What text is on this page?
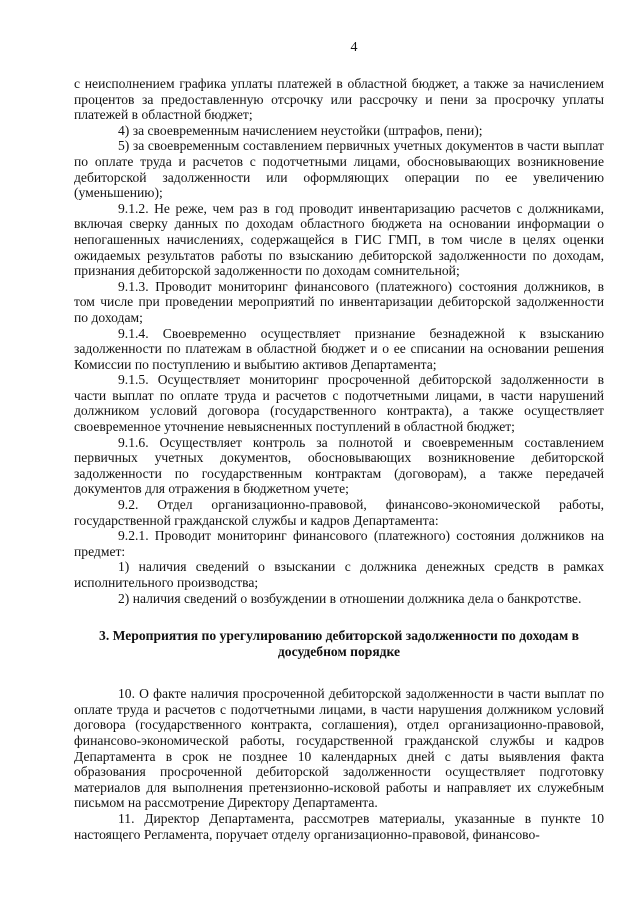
4

с неисполнением графика уплаты платежей в областной бюджет, а также за начислением процентов за предоставленную отсрочку или рассрочку и пени за просрочку уплаты платежей в областной бюджет;

4) за своевременным начислением неустойки (штрафов, пени);

5) за своевременным составлением первичных учетных документов в части выплат по оплате труда и расчетов с подотчетными лицами, обосновывающих возникновение дебиторской задолженности или оформляющих операции по ее увеличению (уменьшению);

9.1.2. Не реже, чем раз в год проводит инвентаризацию расчетов с должниками, включая сверку данных по доходам областного бюджета на основании информации о непогашенных начислениях, содержащейся в ГИС ГМП, в том числе в целях оценки ожидаемых результатов работы по взысканию дебиторской задолженности по доходам, признания дебиторской задолженности по доходам сомнительной;

9.1.3. Проводит мониторинг финансового (платежного) состояния должников, в том числе при проведении мероприятий по инвентаризации дебиторской задолженности по доходам;

9.1.4. Своевременно осуществляет признание безнадежной к взысканию задолженности по платежам в областной бюджет и о ее списании на основании решения Комиссии по поступлению и выбытию активов Департамента;

9.1.5. Осуществляет мониторинг просроченной дебиторской задолженности в части выплат по оплате труда и расчетов с подотчетными лицами, в части нарушений должником условий договора (государственного контракта), а также осуществляет своевременное уточнение невыясненных поступлений в областной бюджет;

9.1.6. Осуществляет контроль за полнотой и своевременным составлением первичных учетных документов, обосновывающих возникновение дебиторской задолженности по государственным контрактам (договорам), а также передачей документов для отражения в бюджетном учете;

9.2. Отдел организационно-правовой, финансово-экономической работы, государственной гражданской службы и кадров Департамента:

9.2.1. Проводит мониторинг финансового (платежного) состояния должников на предмет:

1) наличия сведений о взыскании с должника денежных средств в рамках исполнительного производства;

2) наличия сведений о возбуждении в отношении должника дела о банкротстве.

3. Мероприятия по урегулированию дебиторской задолженности по доходам в досудебном порядке

10. О факте наличия просроченной дебиторской задолженности в части выплат по оплате труда и расчетов с подотчетными лицами, в части нарушения должником условий договора (государственного контракта, соглашения), отдел организационно-правовой, финансово-экономической работы, государственной гражданской службы и кадров Департамента в срок не позднее 10 календарных дней с даты выявления факта образования просроченной дебиторской задолженности осуществляет подготовку материалов для выполнения претензионно-исковой работы и направляет их служебным письмом на рассмотрение Директору Департамента.

11. Директор Департамента, рассмотрев материалы, указанные в пункте 10 настоящего Регламента, поручает отделу организационно-правовой, финансово-
